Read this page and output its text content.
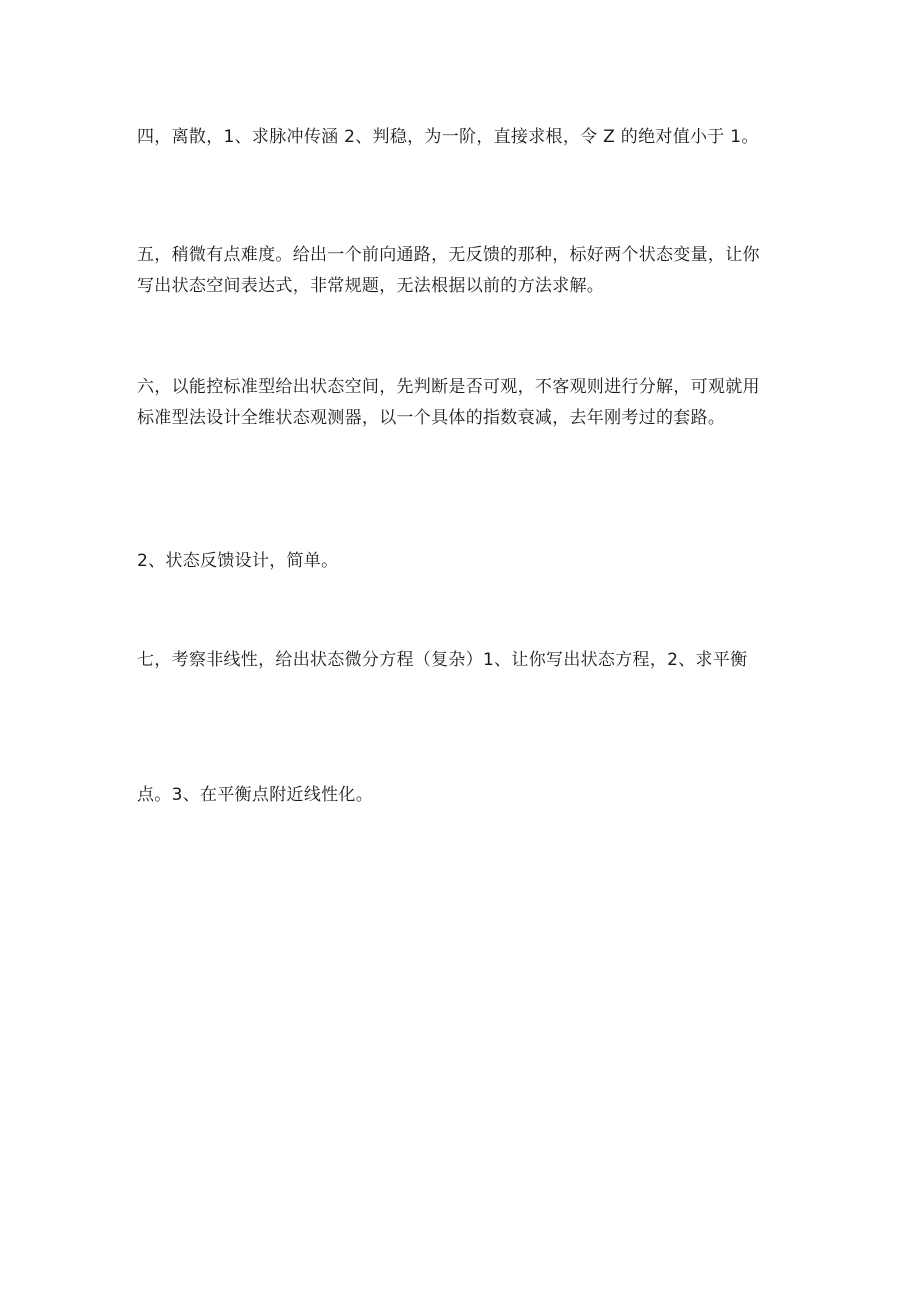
四，离散，1、求脉冲传涵 2、判稳，为一阶，直接求根，令 Z 的绝对值小于 1。

五，稍微有点难度。给出一个前向通路，无反馈的那种，标好两个状态变量，让你写出状态空间表达式，非常规题，无法根据以前的方法求解。

六，以能控标准型给出状态空间，先判断是否可观，不客观则进行分解，可观就用标准型法设计全维状态观测器，以一个具体的指数衰减，去年刚考过的套路。

2、状态反馈设计，简单。

七，考察非线性，给出状态微分方程（复杂）1、让你写出状态方程，2、求平衡

点。3、在平衡点附近线性化。
